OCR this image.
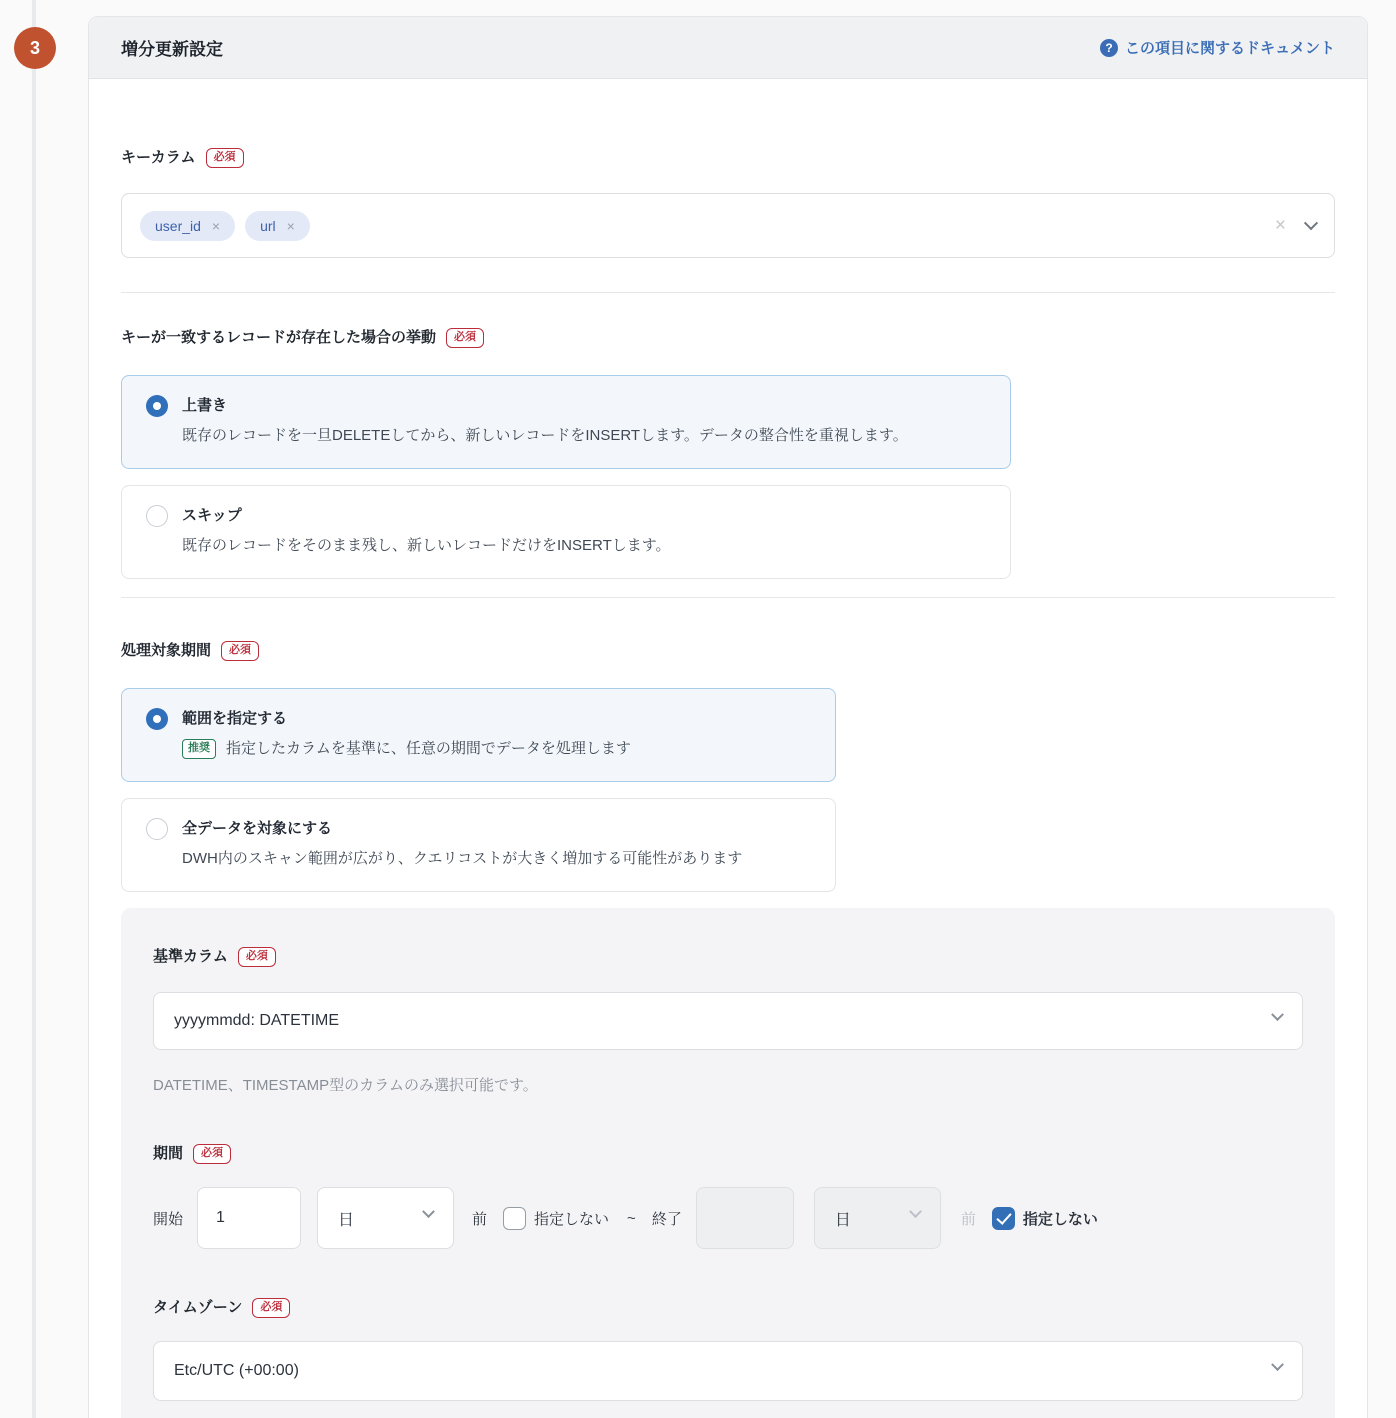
3	増分更新設定	? この項目に関するドキュメント
キーカラム	必須
user_id ×	url ×	×
キーが一致するレコードが存在した場合の挙動	必須
上書き
既存のレコードを一旦DELETEしてから、新しいレコードをINSERTします。データの整合性を重視します。
スキップ
既存のレコードをそのまま残し、新しいレコードだけをINSERTします。
処理対象期間	必須
範囲を指定する
推奨	指定したカラムを基準に、任意の期間でデータを処理します
全データを対象にする
DWH内のスキャン範囲が広がり、クエリコストが大きく増加する可能性があります
基準カラム	必須
yyyymmdd: DATETIME
DATETIME、TIMESTAMP型のカラムのみ選択可能です。
期間	必須
開始
1	日	前	指定しない ~ 終了	日	前	指定しない
タイムゾーン	必須
Etc/UTC (+00:00)
